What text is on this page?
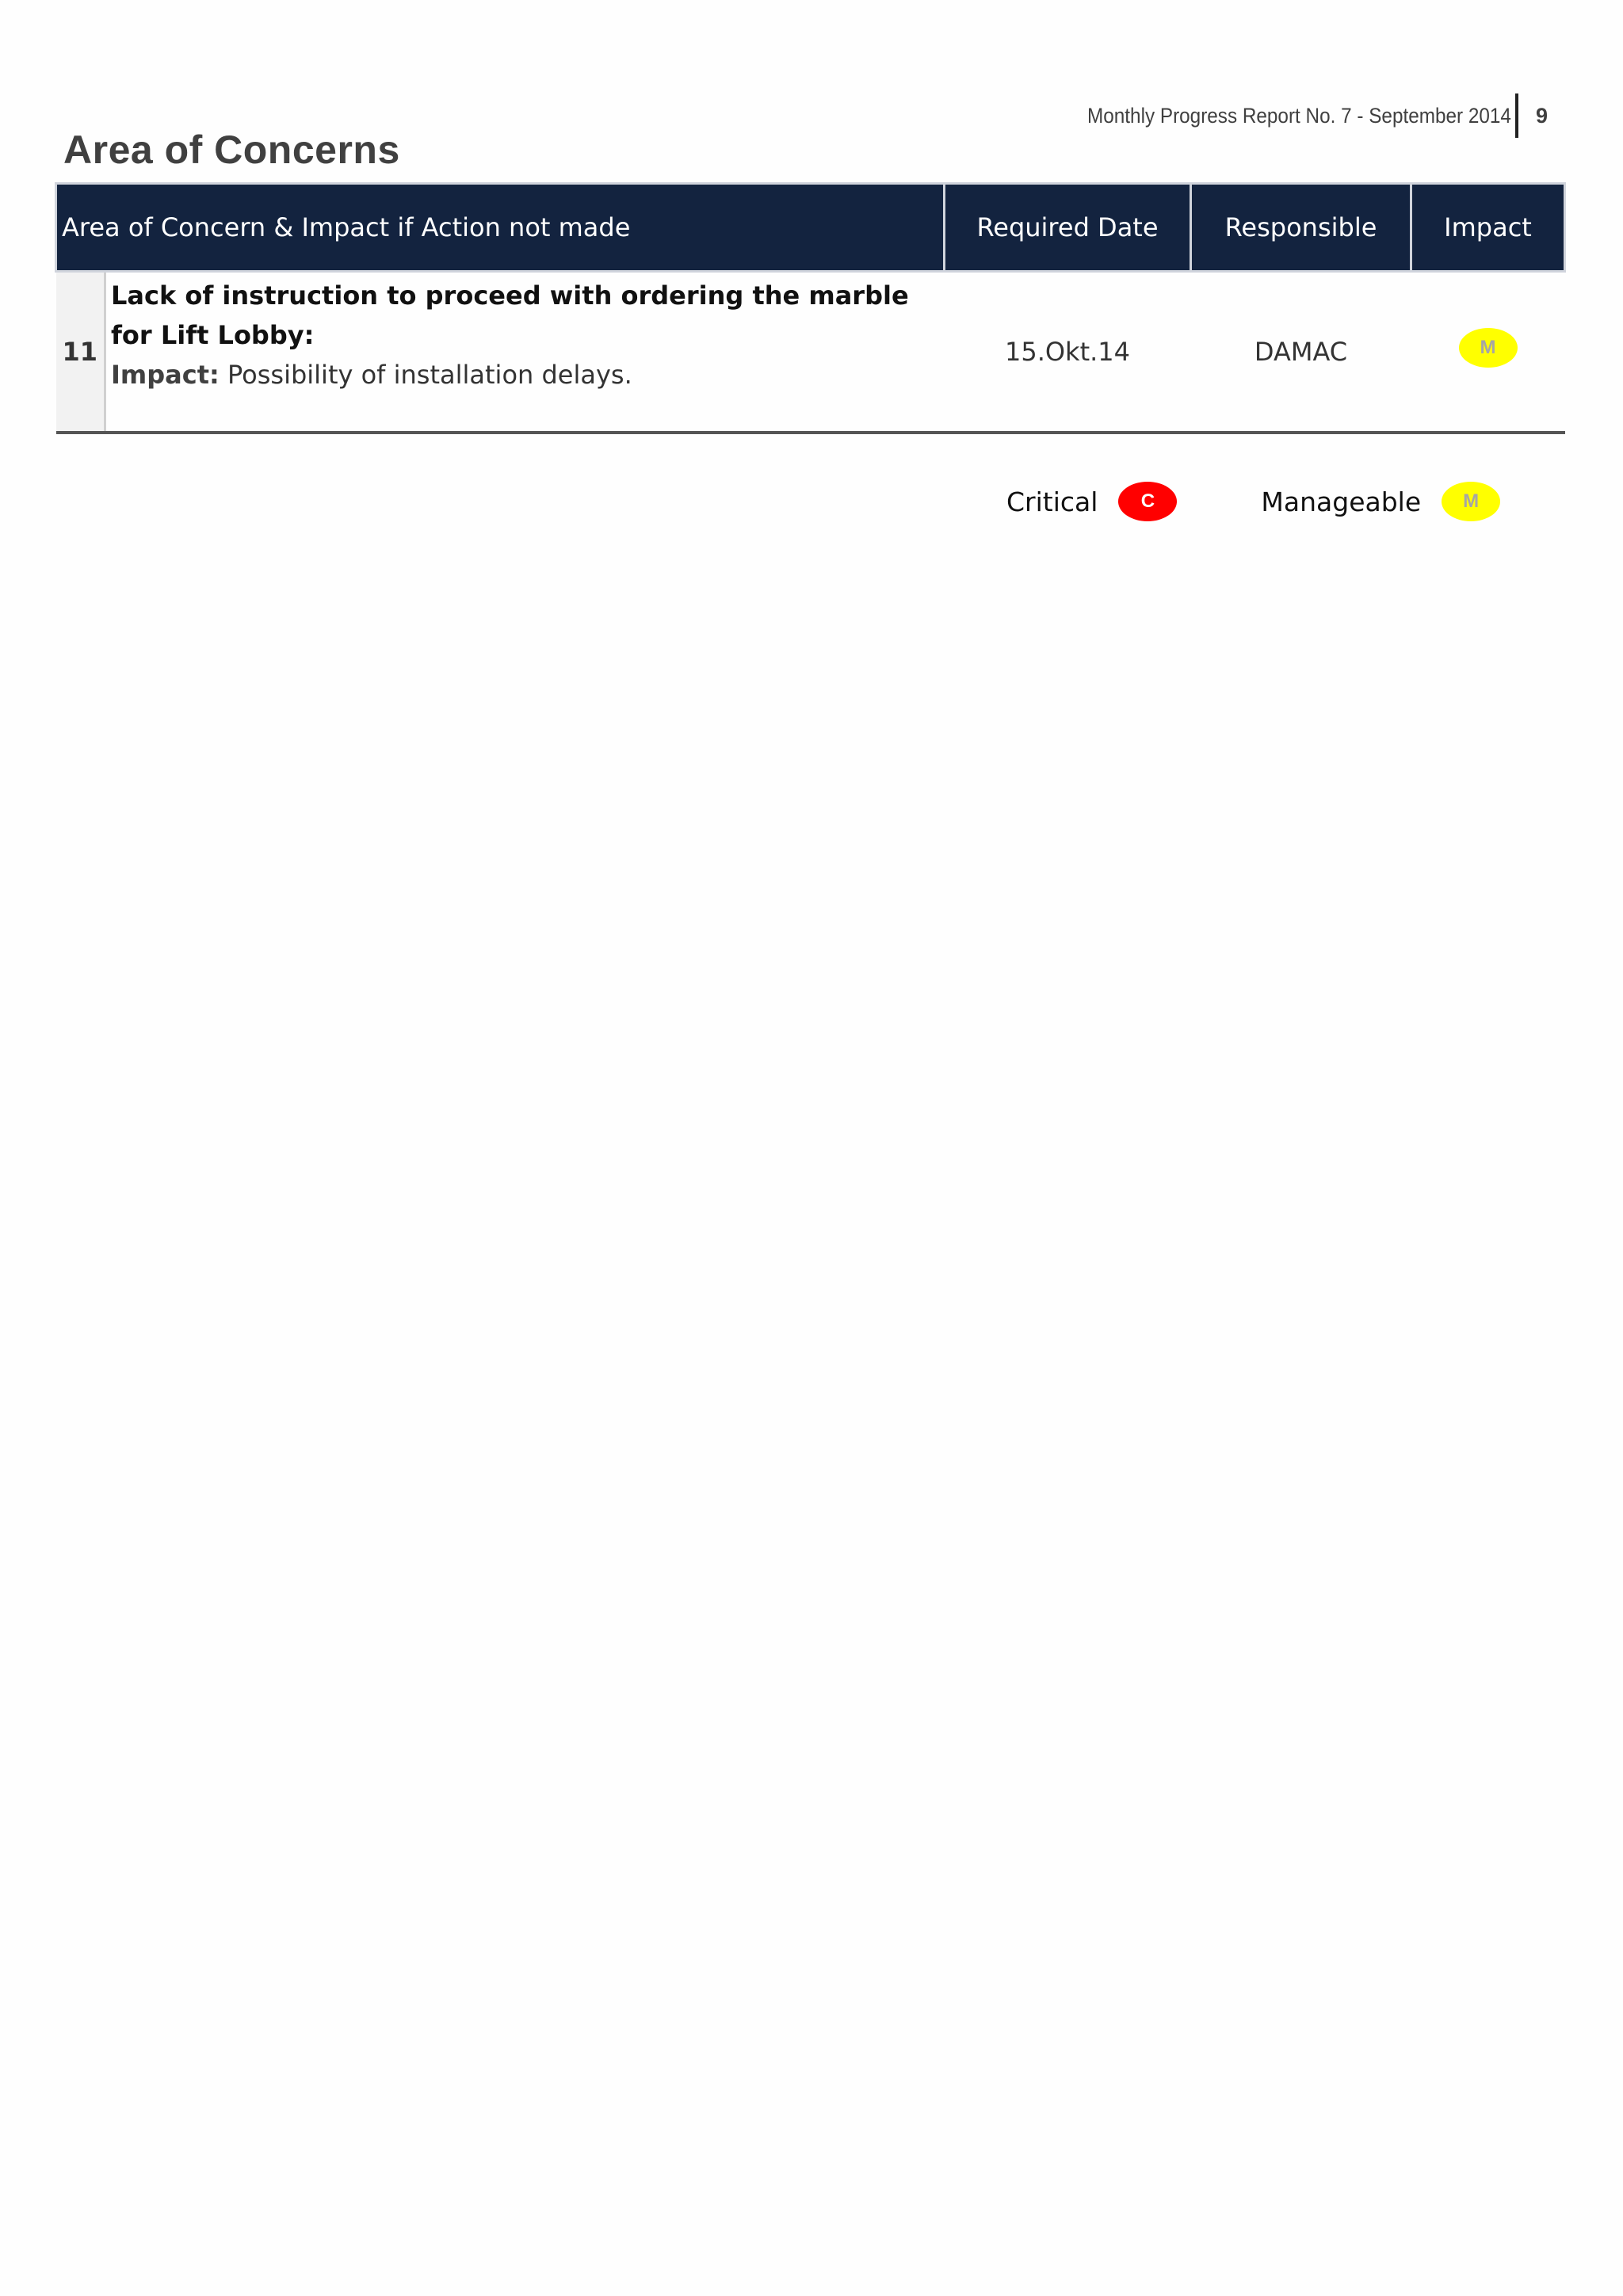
Monthly Progress Report No. 7 - September 2014 9
Area of Concerns
Area of Concern & Impact if Action not made		Required Date	Responsible	Impact
11	Lack of instruction to proceed with ordering the marble for Lift Lobby:
Impact: Possibility of installation delays.	15.Okt.14	DAMAC	M
Critical	C	Manageable	M
